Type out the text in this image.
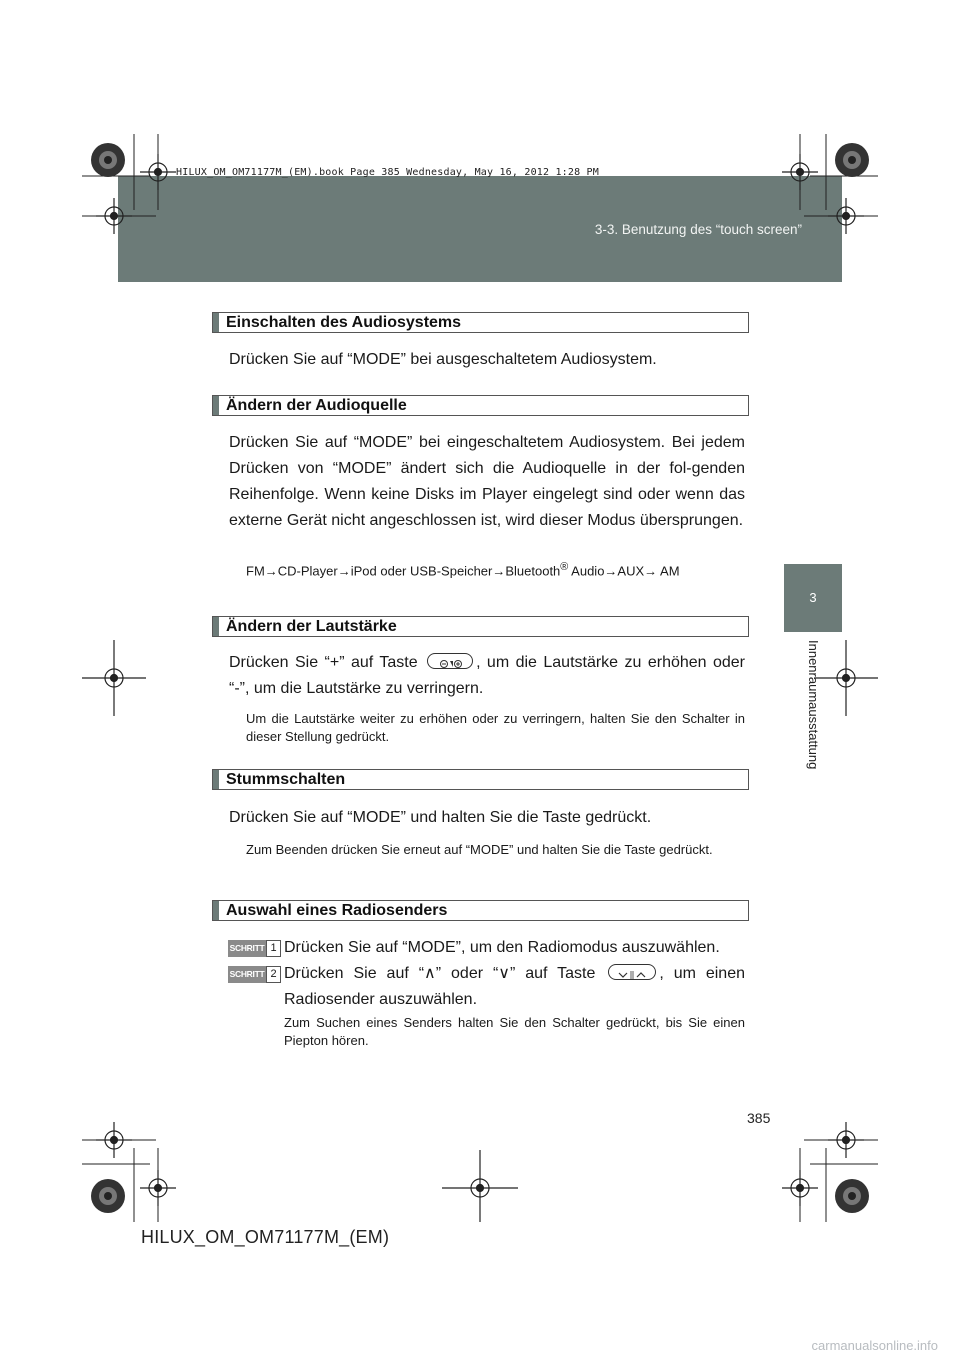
HILUX_OM_OM71177M_(EM).book Page 385 Wednesday, May 16, 2012 1:28 PM
3-3. Benutzung des “touch screen”
3
Innenraumausstattung
Einschalten des Audiosystems
Drücken Sie auf “MODE” bei ausgeschaltetem Audiosystem.
Ändern der Audioquelle
Drücken Sie auf “MODE” bei eingeschaltetem Audiosystem. Bei jedem Drücken von “MODE” ändert sich die Audioquelle in der fol-genden Reihenfolge. Wenn keine Disks im Player eingelegt sind oder wenn das externe Gerät nicht angeschlossen ist, wird dieser Modus übersprungen.
FM→CD-Player→iPod oder USB-Speicher→Bluetooth® Audio→AUX→ AM
Ändern der Lautstärke
Drücken Sie “+” auf Taste	, um die Lautstärke zu erhöhen oder “-”, um die Lautstärke zu verringern.
Um die Lautstärke weiter zu erhöhen oder zu verringern, halten Sie den Schalter in dieser Stellung gedrückt.
Stummschalten
Drücken Sie auf “MODE” und halten Sie die Taste gedrückt.
Zum Beenden drücken Sie erneut auf “MODE” und halten Sie die Taste gedrückt.
Auswahl eines Radiosenders
SCHRITT 1 Drücken Sie auf “MODE”, um den Radiomodus auszuwählen.
SCHRITT 2 Drücken Sie auf “∧” oder “∨” auf Taste	, um einen Radiosender auszuwählen.
Zum Suchen eines Senders halten Sie den Schalter gedrückt, bis Sie einen Piepton hören.
385
HILUX_OM_OM71177M_(EM)
carmanualsonline.info
